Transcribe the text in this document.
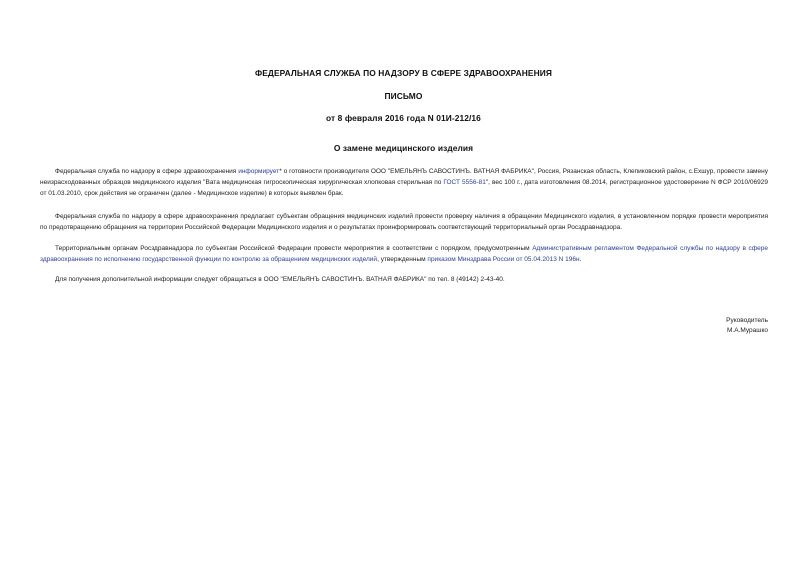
ФЕДЕРАЛЬНАЯ СЛУЖБА ПО НАДЗОРУ В СФЕРЕ ЗДРАВООХРАНЕНИЯ
ПИСЬМО
от 8 февраля 2016 года N 01И-212/16
О замене медицинского изделия
Федеральная служба по надзору в сфере здравоохранения информирует* о готовности производителя ООО "ЕМЕЛЬЯНЪ САВОСТИНЪ. ВАТНАЯ ФАБРИКА", Россия, Рязанская область, Клепиковский район, с.Ехшур, провести замену неизрасходованных образцов медицинского изделия "Вата медицинская гигроскопическая хирургическая хлопковая стерильная по ГОСТ 5556-81", вес 100 г., дата изготовления 08.2014, регистрационное удостоверение N ФСР 2010/06929 от 01.03.2010, срок действия не ограничен (далее - Медицинское изделие) в которых выявлен брак.
Федеральная служба по надзору в сфере здравоохранения предлагает субъектам обращения медицинских изделий провести проверку наличия в обращении Медицинского изделия, в установленном порядке провести мероприятия по предотвращению обращения на территории Российской Федерации Медицинского изделия и о результатах проинформировать соответствующий территориальный орган Росздравнадзора.
Территориальным органам Росздравнадзора по субъектам Российской Федерации провести мероприятия в соответствии с порядком, предусмотренным Административным регламентом Федеральной службы по надзору в сфере здравоохранения по исполнению государственной функции по контролю за обращением медицинских изделий, утвержденным приказом Минздрава России от 05.04.2013 N 196н.
Для получения дополнительной информации следует обращаться в ООО "ЕМЕЛЬЯНЪ САВОСТИНЪ. ВАТНАЯ ФАБРИКА" по тел. 8 (49142) 2-43-40.
Руководитель
М.А.Мурашко
